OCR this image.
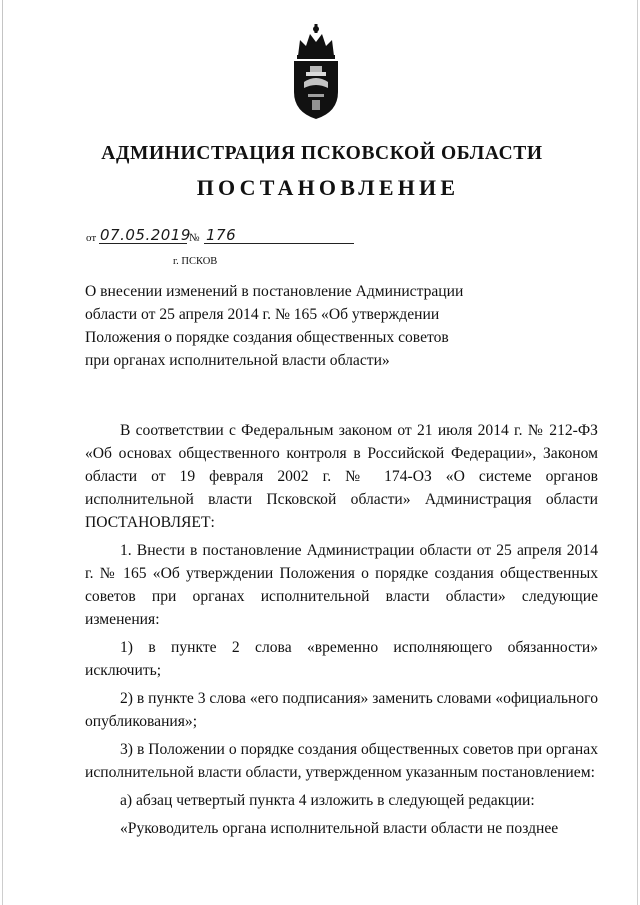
АДМИНИСТРАЦИЯ ПСКОВСКОЙ ОБЛАСТИ
ПОСТАНОВЛЕНИЕ
от 07.05.2019
№ 176
г. ПСКОВ
О внесении изменений в постановление Администрации
области от 25 апреля 2014 г. № 165 «Об утверждении
Положения о порядке создания общественных советов
при органах исполнительной власти области»

В соответствии с Федеральным законом от 21 июля 2014 г. № 212-ФЗ «Об основах общественного контроля в Российской Федерации», Законом области от 19 февраля 2002 г. № 174-ОЗ «О системе органов исполнительной власти Псковской области» Администрация области ПОСТАНОВЛЯЕТ:

1. Внести в постановление Администрации области от 25 апреля 2014 г. № 165 «Об утверждении Положения о порядке создания общественных советов при органах исполнительной власти области» следующие изменения:

1) в пункте 2 слова «временно исполняющего обязанности» исключить;

2) в пункте 3 слова «его подписания» заменить словами «официального опубликования»;

3) в Положении о порядке создания общественных советов при органах исполнительной власти области, утвержденном указанным постановлением:

а) абзац четвертый пункта 4 изложить в следующей редакции:

«Руководитель органа исполнительной власти области не позднее
